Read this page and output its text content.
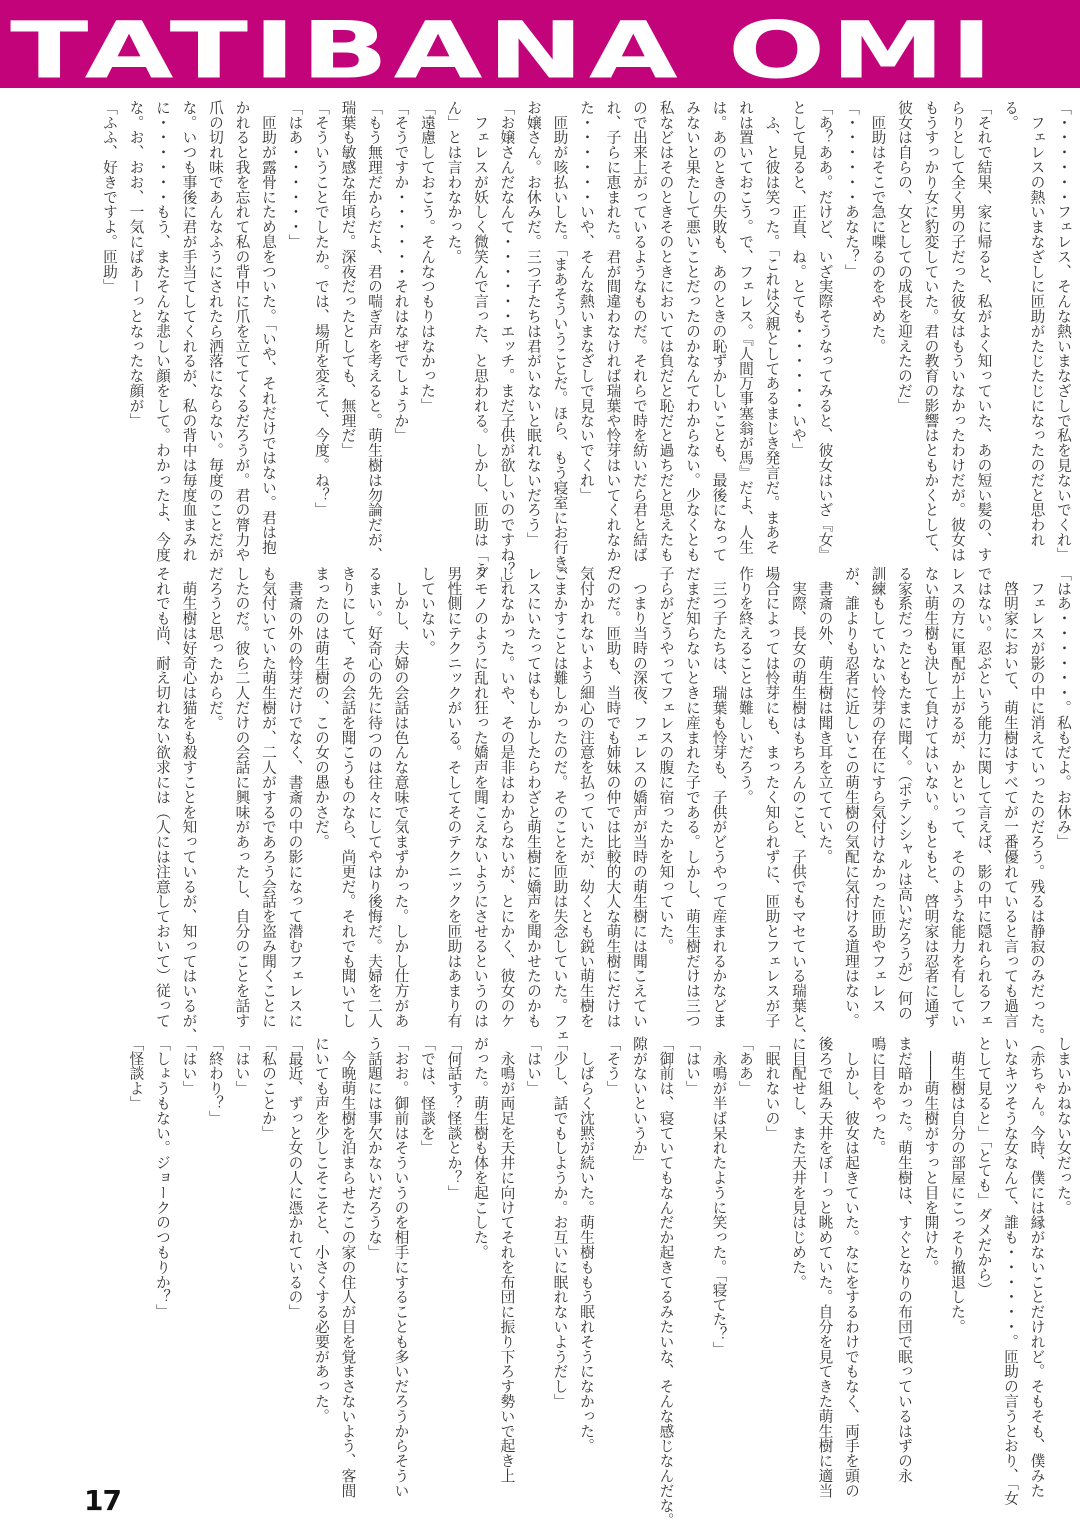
TATIBANA OMI
「・・・・・・フェレス、そんな熱いまなざしで私を見ないでくれ」
　フェレスの熱いまなざしに匝助がたじたじになったのだと思われ
る。
「それで結果、家に帰ると、私がよく知っていた、あの短い髪の、す
らりとして全く男の子だった彼女はもういなかったわけだが。彼女は
もうすっかり女に豹変していた。君の教育の影響はともかくとして、
彼女は自らの、女としての成長を迎えたのだ」
　匝助はそこで急に喋るのをやめた。
「・・・・・・あなた？」
「あ？ああ。だけど、いざ実際そうなってみると、彼女はいざ『女』
として見ると、正直、ね。とても・・・・・・いや」
　ふ、と彼は笑った。「これは父親としてあるまじき発言だ。まあそ
れは置いておこう。で、フェレス。『人間万事塞翁が馬』だよ、人生
は。あのときの失敗も、あのときの恥ずかしいことも、最後になって
みないと果たして悪いことだったのかなんてわからない。少なくとも
私などはそのときそのときにおいては負だと恥だと過ちだと思えたも
ので出来上がっているようなものだ。それらで時を紡いだら君と結ば
れ、子らに恵まれた。君が間違わなければ瑞葉や怜芽はいてくれなかっ
た・・・・・・いや、そんな熱いまなざしで見ないでくれ」
　匝助が咳払いした。「まあそういうことだ。ほら、もう寝室にお行き、
お嬢さん。お休みだ。三つ子たちは君がいないと眠れないだろう」
「お嬢さんだなんて・・・・・・エッチ。まだ子供が欲しいのですね？」
　フェレスが妖しく微笑んで言った、と思われる。しかし、匝助は「う
ん」とは言わなかった。
「遠慮しておこう。そんなつもりはなかった」
「そうですか・・・・・・それはなぜでしょうか」
「もう無理だからだよ、君の喘ぎ声を考えると。萌生樹は勿論だが、
瑞葉も敏感な年頃だ。深夜だったとしても、無理だ」
「そういうことでしたか。では、場所を変えて、今度。ね？」
「はあ・・・・・・」
　匝助が露骨にため息をついた。「いや、それだけではない。君は抱
かれると我を忘れて私の背中に爪を立ててくるだろうが。君の膂力や
爪の切れ味であんなふうにされたら洒落にならない。毎度のことだが
な。いつも事後に君が手当てしてくれるが、私の背中は毎度血まみれ
に・・・・・・もう、またそんな悲しい顔をして。わかったよ、今度
な。お、おお、一気にぱあーっとなったな顔が」
「ふふ、好きですよ。匝助」
「はあ・・・・・・。私もだよ。お休み」
　フェレスが影の中に消えていったのだろう。残るは静寂のみだった。
　啓明家において、萌生樹はすべてが一番優れていると言っても過言
ではない。忍ぶという能力に関して言えば、影の中に隠れられるフェ
レスの方に軍配が上がるが、かといって、そのような能力を有してい
ない萌生樹も決して負けてはいない。もともと、啓明家は忍者に通ず
る家系だったともたまに聞く。（ポテンシャルは高いだろうが）何の
訓練もしていない怜芽の存在にすら気付けなかった匝助やフェレス
が、誰よりも忍者に近しいこの萌生樹の気配に気付ける道理はない。
　書斎の外、萌生樹は聞き耳を立てていた。
　実際、長女の萌生樹はもちろんのこと、子供でもマセている瑞葉と、
場合によっては怜芽にも、まったく知られずに、匝助とフェレスが子
作りを終えることは難しいだろう。
　三つ子たちは、瑞葉も怜芽も、子供がどうやって産まれるかなどま
だまだ知らないときに産まれた子である。しかし、萌生樹だけは三つ
子らがどうやってフェレスの腹に宿ったかを知っていた。
　つまり当時の深夜、フェレスの嬌声が当時の萌生樹には聞こえてい
たのだ。匝助も、当時でも姉妹の仲では比較的大人な萌生樹にだけは
気付かれないよう細心の注意を払っていたが、幼くとも鋭い萌生樹を
ごまかすことは難しかったのだ。そのことを匝助は失念していた。フェ
レスにいたってはもしかしたらわざと萌生樹に嬌声を聞かせたのかも
しれなかった。いや、その是非はわからないが、とにかく、彼女のケ
ダモノのように乱れ狂った嬌声を聞こえないようにさせるというのは
男性側にテクニックがいる。そしてそのテクニックを匝助はあまり有
していない。
　しかし、夫婦の会話は色んな意味で気まずかった。しかし仕方があ
るまい。好奇心の先に待つのは往々にしてやはり後悔だ。夫婦を二人
きりにして、その会話を聞こうものなら、尚更だ。それでも聞いてし
まったのは萌生樹の、この女の愚かさだ。
　書斎の外の怜芽だけでなく、書斎の中の影になって潜むフェレスに
も気付いていた萌生樹が、二人がするであろう会話を盗み聞くことに
したのだ。彼ら二人だけの会話に興味があったし、自分のことを話す
だろうと思ったからだ。
　萌生樹は好奇心は猫をも殺すことを知っているが、知ってはいるが、
それでも尚、耐え切れない欲求には（人には注意しておいて）従って
しまいかねない女だった。
（赤ちゃん。今時、僕には縁がないことだけれど。そもそも、僕みた
いなキツそうな女なんて、誰も・・・・・・。匝助の言うとおり、「女
として見ると」「とても」ダメだから）
　萌生樹は自分の部屋にこっそり撤退した。
　――萌生樹がすっと目を開けた。
まだ暗かった。萌生樹は、すぐとなりの布団で眠っているはずの永
鳴に目をやった。
　しかし、彼女は起きていた。なにをするわけでもなく、両手を頭の
後ろで組み天井をぼーっと眺めていた。自分を見てきた萌生樹に適当
に目配せし、また天井を見はじめた。
「眠れないの」
「ああ」
　永鳴が半ば呆れたように笑った。「寝てた？」
「はい」
「御前は、寝ていてもなんだか起きてるみたいな、そんな感じなんだな。
隙がないというか」
「そう」
　しばらく沈黙が続いた。萌生樹ももう眠れそうになかった。
「少し、話でもしようか。お互いに眠れないようだし」
「はい」
　永鳴が両足を天井に向けてそれを布団に振り下ろす勢いで起き上
がった。萌生樹も体を起こした。
「何話す？怪談とか？」
「では、怪談を」
「おお。御前はそういうのを相手にすることも多いだろうからそうい
う話題には事欠かないだろうな」
　今晩萌生樹を泊まらせたこの家の住人が目を覚まさないよう、客間
にいても声を少しこそこそと、小さくする必要があった。
「最近、ずっと女の人に憑かれているの」
「私のことか」
「はい」
「終わり？」
「はい」
「しょうもない。ジョークのつもりか？」
「怪談よ」
17
